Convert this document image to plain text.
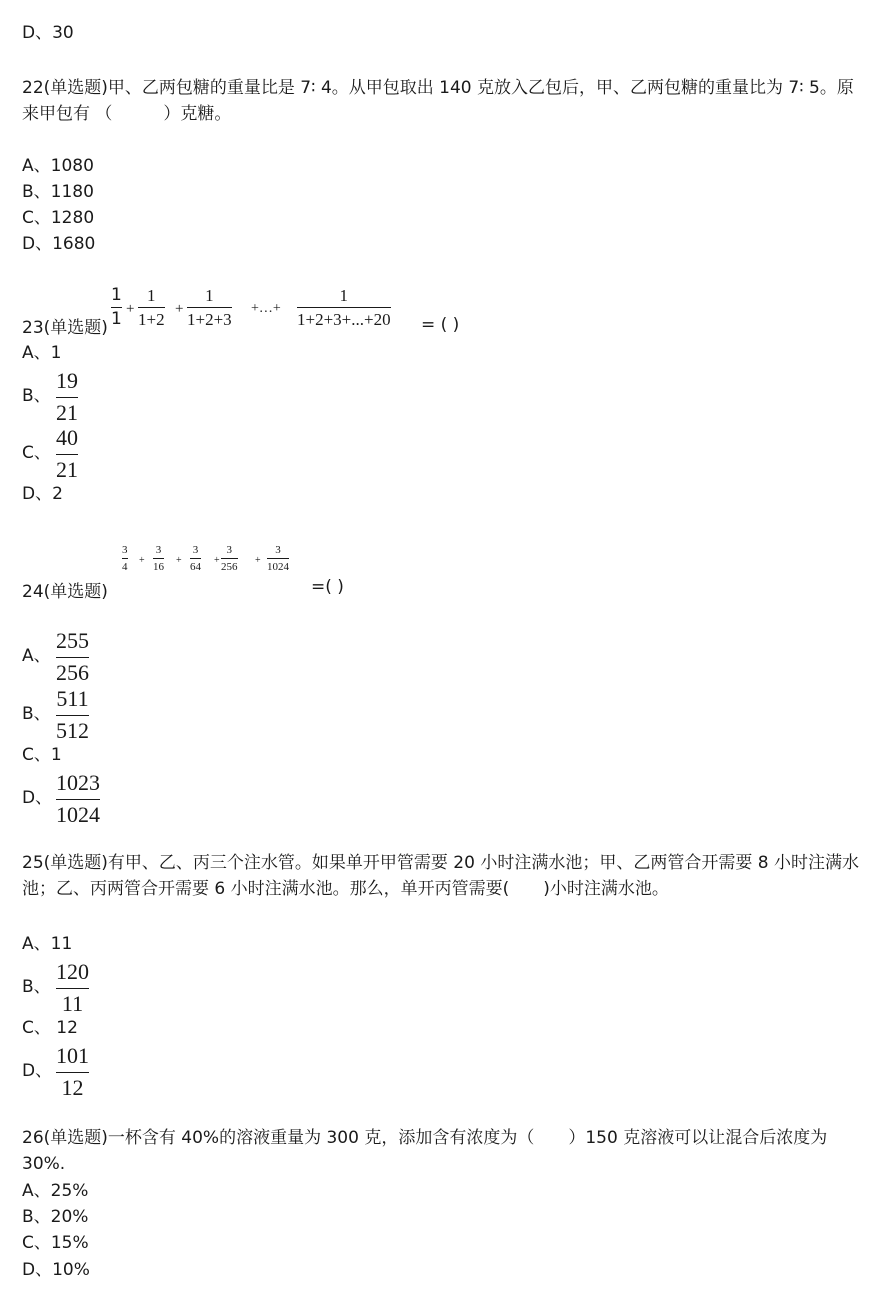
D、30
22(单选题)甲、乙两包糖的重量比是 7∶ 4。从甲包取出 140 克放入乙包后，甲、乙两包糖的重量比为 7∶ 5。原来甲包有 （　　　）克糖。
A、1080
B、1180
C、1280
D、1680
23(单选题)
1
1 +
1
1+2
+
1
1+2+3
+…+
1
1+2+3+...+20 = ( )
A、1
B、
19
21
C、
40
21
D、2
24(单选题)
3
4
+
3
16
+
3
64
+
3
256
+
3
1024
=( )
A、
255
256
B、
511
512
C、1
D、
1023
1024
25(单选题)有甲、乙、丙三个注水管。如果单开甲管需要 20 小时注满水池；甲、乙两管合开需要 8 小时注满水池；乙、丙两管合开需要 6 小时注满水池。那么，单开丙管需要(　　)小时注满水池。
A、11
B、
120
11
C、 12
D、
101
12
26(单选题)一杯含有 40%的溶液重量为 300 克，添加含有浓度为（　　）150 克溶液可以让混合后浓度为 30%.
A、25%
B、20%
C、15%
D、10%
